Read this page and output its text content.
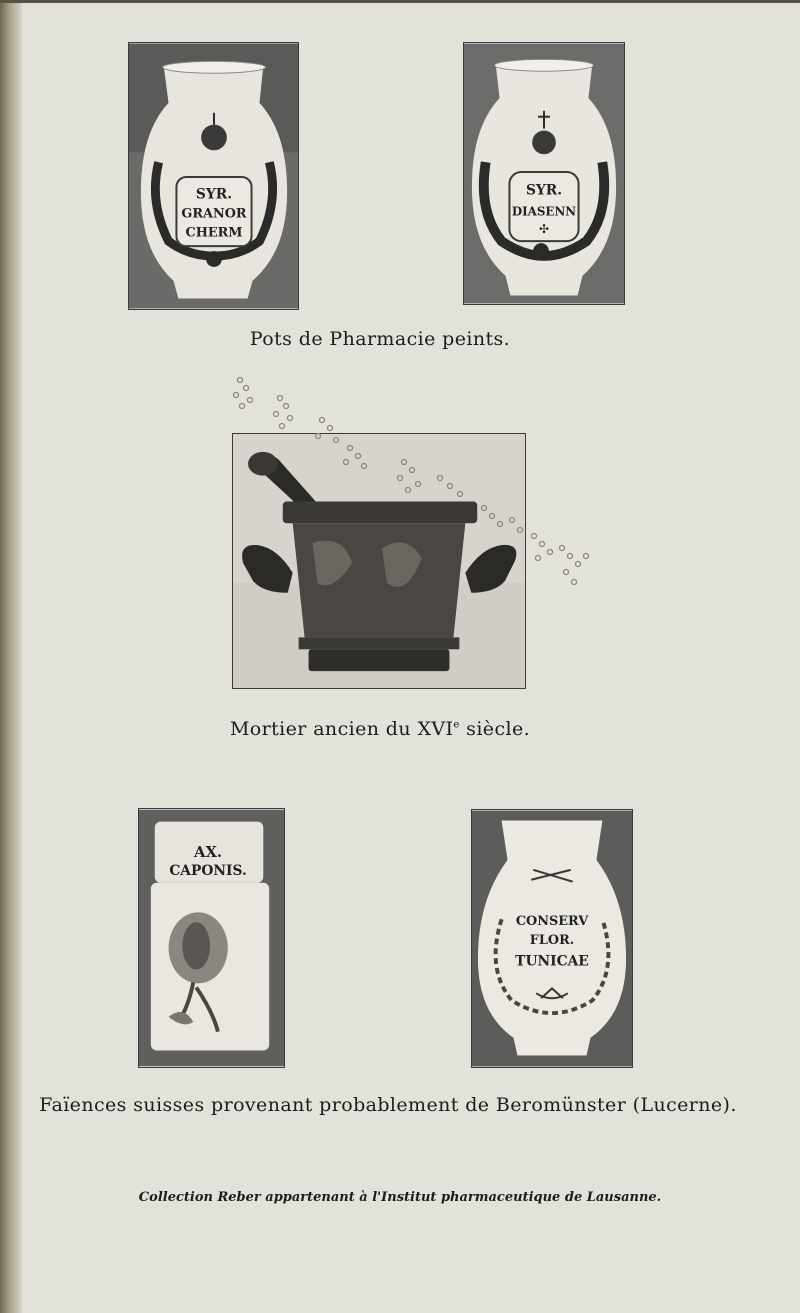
SYR.
GRANOR
CHERM
SYR.
DIASENN
✣
Pots de Pharmacie peints.
Mortier ancien du XVIe siècle.
AX.
CAPONIS.
CONSERV
FLOR.
TUNICAE
Faïences suisses provenant probablement de Beromünster (Lucerne).
Collection Reber appartenant à l'Institut pharmaceutique de Lausanne.
